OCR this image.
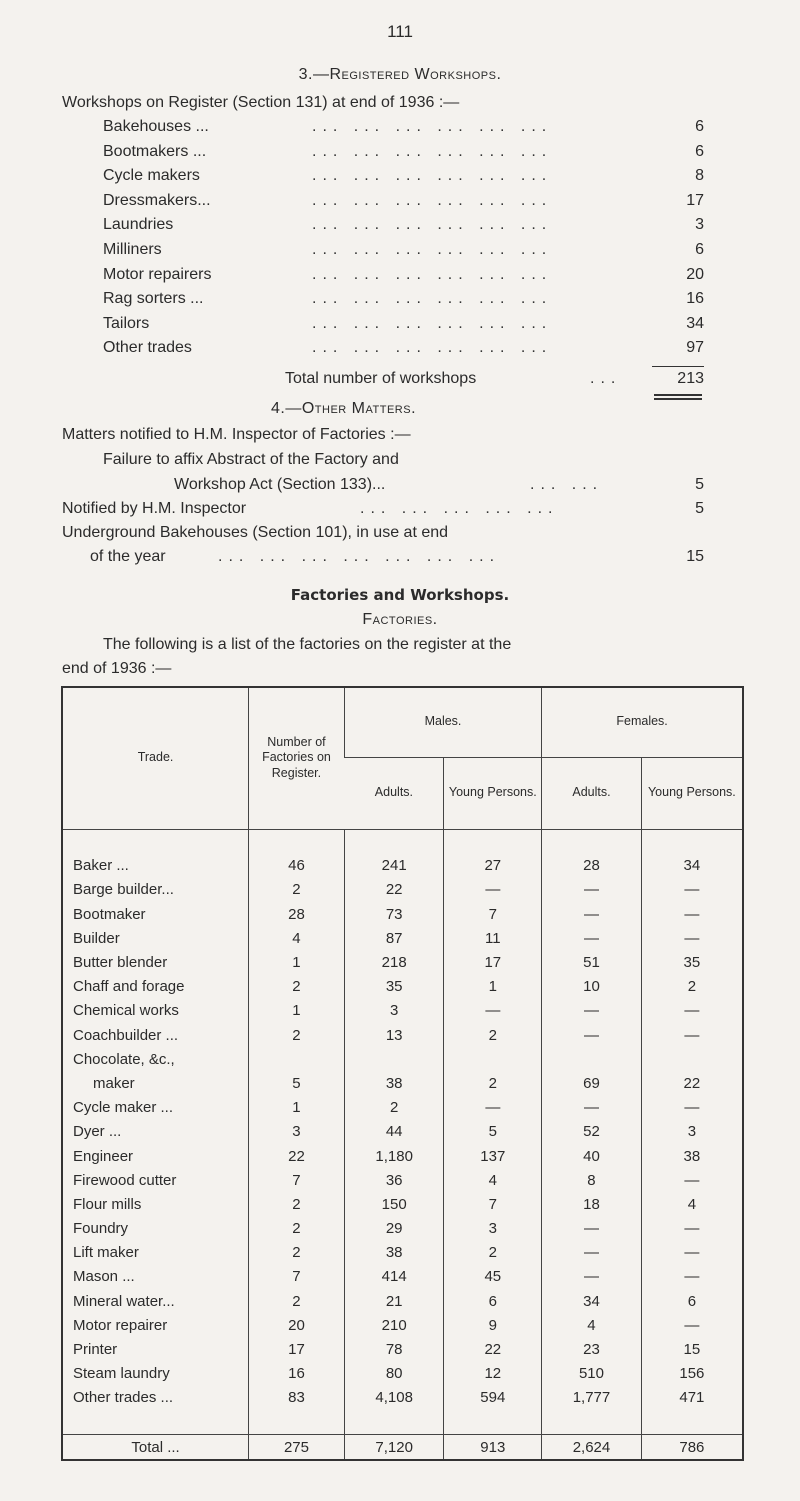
111
3.—Registered Workshops.
Workshops on Register (Section 131) at end of 1936 :—
Bakehouses ...	... ... ... ... ... ...	6
Bootmakers ...	... ... ... ... ... ...	6
Cycle makers	... ... ... ... ... ...	8
Dressmakers...	... ... ... ... ... ...	17
Laundries	... ... ... ... ... ...	3
Milliners	... ... ... ... ... ...	6
Motor repairers	... ... ... ... ... ...	20
Rag sorters ...	... ... ... ... ... ...	16
Tailors	... ... ... ... ... ...	34
Other trades	... ... ... ... ... ...	97
Total number of workshops	...	213
4.—Other Matters.
Matters notified to H.M. Inspector of Factories :—
Failure to affix Abstract of the Factory and
Workshop Act (Section 133)...	... ...	5
Notified by H.M. Inspector	... ... ... ... ...	5
Underground Bakehouses (Section 101), in use at end
of the year	... ... ... ... ... ... ...	15
Factories and Workshops.
Factories.
The following is a list of the factories on the register at the
end of 1936 :—
Trade.	Number of Factories on Register.	Males.		Females.	
		Adults.	Young Persons.	Adults.	Young Persons.

Baker ...	46	241	27	28	34
Barge builder...	2	22	—	—	—
Bootmaker	28	73	7	—	—
Builder	4	87	11	—	—
Butter blender	1	218	17	51	35
Chaff and forage	2	35	1	10	2
Chemical works	1	3	—	—	—
Coachbuilder ...	2	13	2	—	—
Chocolate, &c.,					
maker	5	38	2	69	22
Cycle maker ...	1	2	—	—	—
Dyer ...	3	44	5	52	3
Engineer	22	1,180	137	40	38
Firewood cutter	7	36	4	8	—
Flour mills	2	150	7	18	4
Foundry	2	29	3	—	—
Lift maker	2	38	2	—	—
Mason ...	7	414	45	—	—
Mineral water...	2	21	6	34	6
Motor repairer	20	210	9	4	—
Printer	17	78	22	23	15
Steam laundry	16	80	12	510	156
Other trades ...	83	4,108	594	1,777	471

Total ...	275	7,120	913	2,624	786
